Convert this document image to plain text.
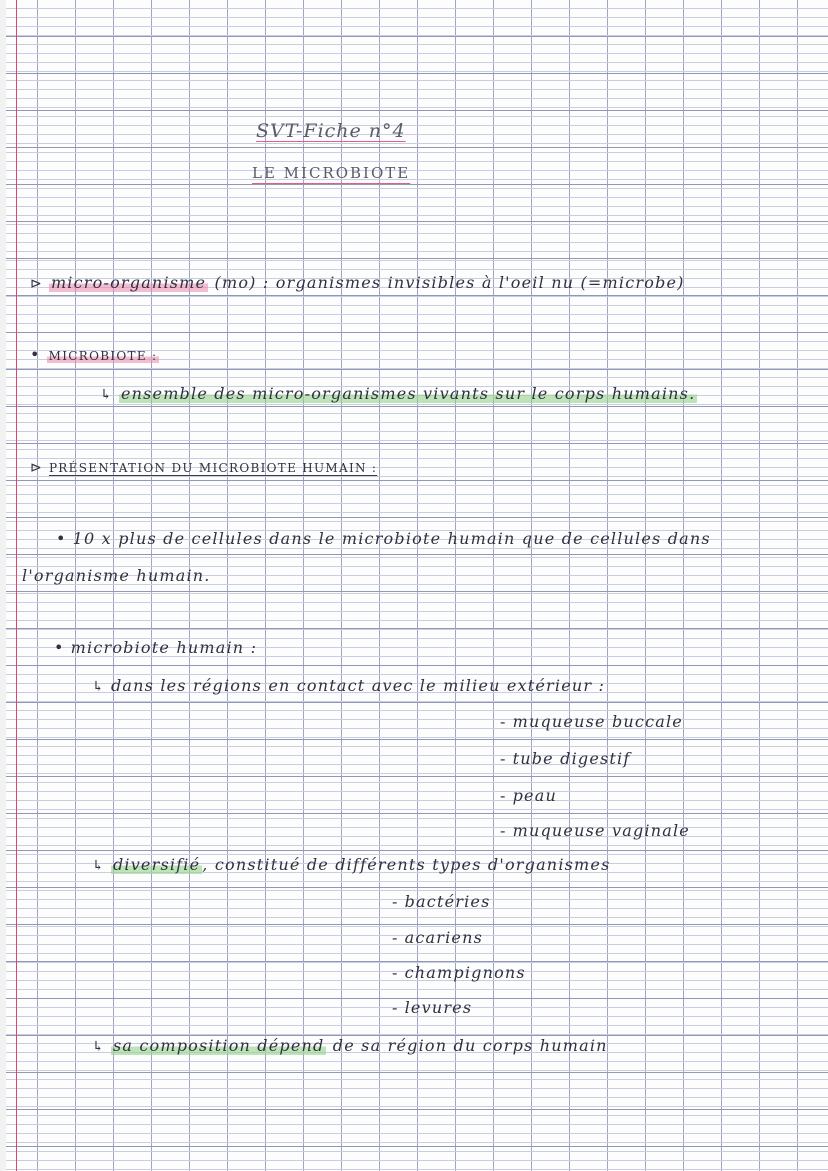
SVT-Fiche n°4

LE MICROBIOTE

⊳ micro-organisme (mo) : organismes invisibles à l'oeil nu (=microbe)

• MICROBIOTE :

↳ ensemble des micro-organismes vivants sur le corps humains.

⊳ PRÉSENTATION DU MICROBIOTE HUMAIN :

• 10 x plus de cellules dans le microbiote humain que de cellules dans

l'organisme humain.

• microbiote humain :

↳ dans les régions en contact avec le milieu extérieur :

- muqueuse buccale

- tube digestif

- peau

- muqueuse vaginale

↳ diversifié , constitué de différents types d'organismes

- bactéries

- acariens

- champignons

- levures

↳ sa composition dépend de sa région du corps humain
